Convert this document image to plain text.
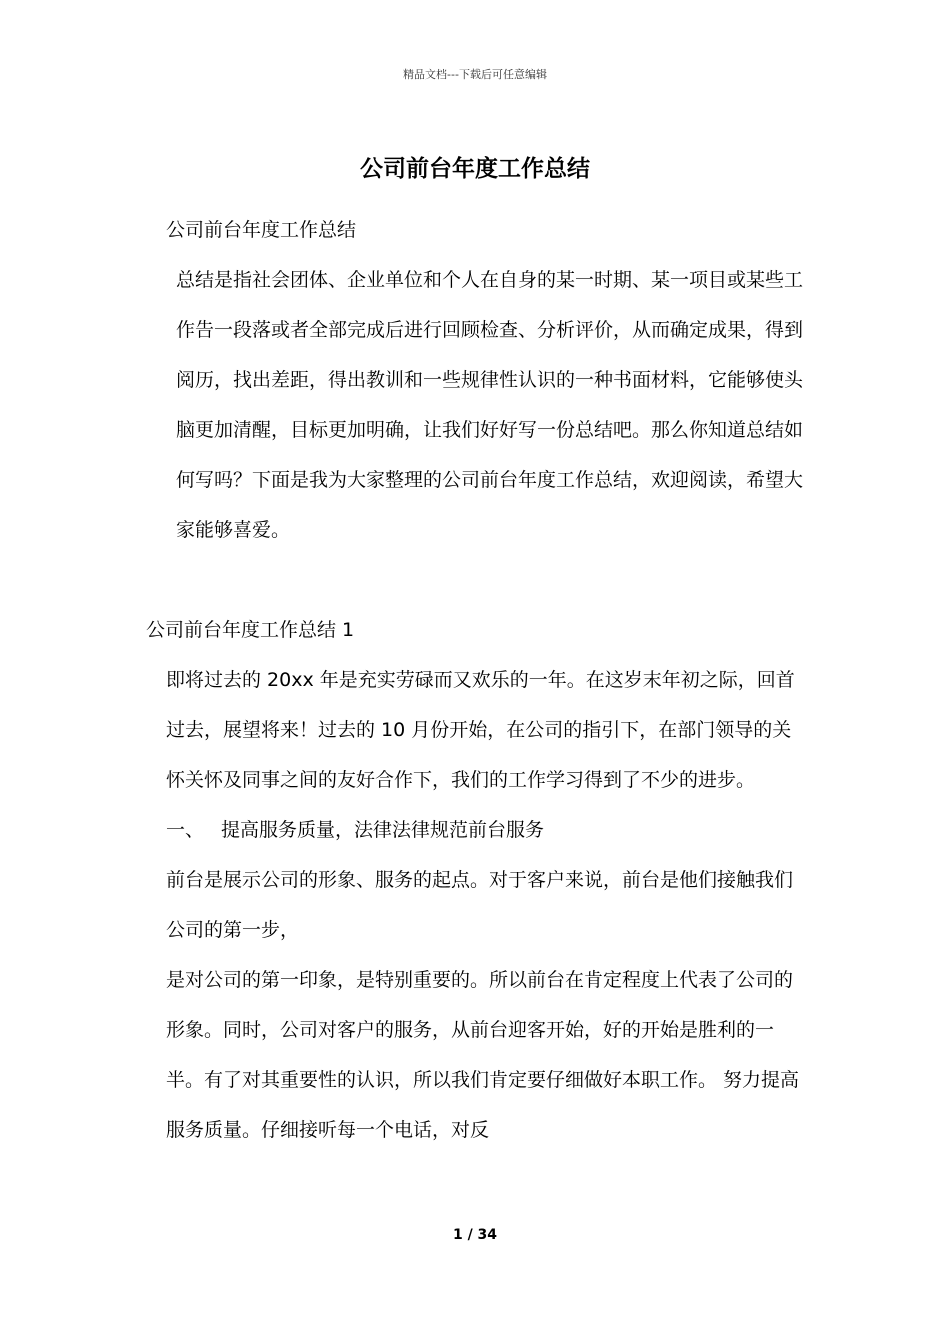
精品文档---下载后可任意编辑
公司前台年度工作总结

公司前台年度工作总结

总结是指社会团体、企业单位和个人在自身的某一时期、某一项目或某些工作告一段落或者全部完成后进行回顾检查、分析评价，从而确定成果，得到阅历，找出差距，得出教训和一些规律性认识的一种书面材料，它能够使头脑更加清醒，目标更加明确，让我们好好写一份总结吧。那么你知道总结如何写吗？下面是我为大家整理的公司前台年度工作总结，欢迎阅读，希望大家能够喜爱。

公司前台年度工作总结 1

即将过去的 20xx 年是充实劳碌而又欢乐的一年。在这岁末年初之际，回首过去，展望将来！过去的 10 月份开始，在公司的指引下，在部门领导的关怀关怀及同事之间的友好合作下，我们的工作学习得到了不少的进步。

一、 提高服务质量，法律法律规范前台服务

前台是展示公司的形象、服务的起点。对于客户来说，前台是他们接触我们公司的第一步，

是对公司的第一印象，是特别重要的。所以前台在肯定程度上代表了公司的形象。同时，公司对客户的服务，从前台迎客开始，好的开始是胜利的一半。有了对其重要性的认识，所以我们肯定要仔细做好本职工作。 努力提高服务质量。仔细接听每一个电话，对反

1 / 34
